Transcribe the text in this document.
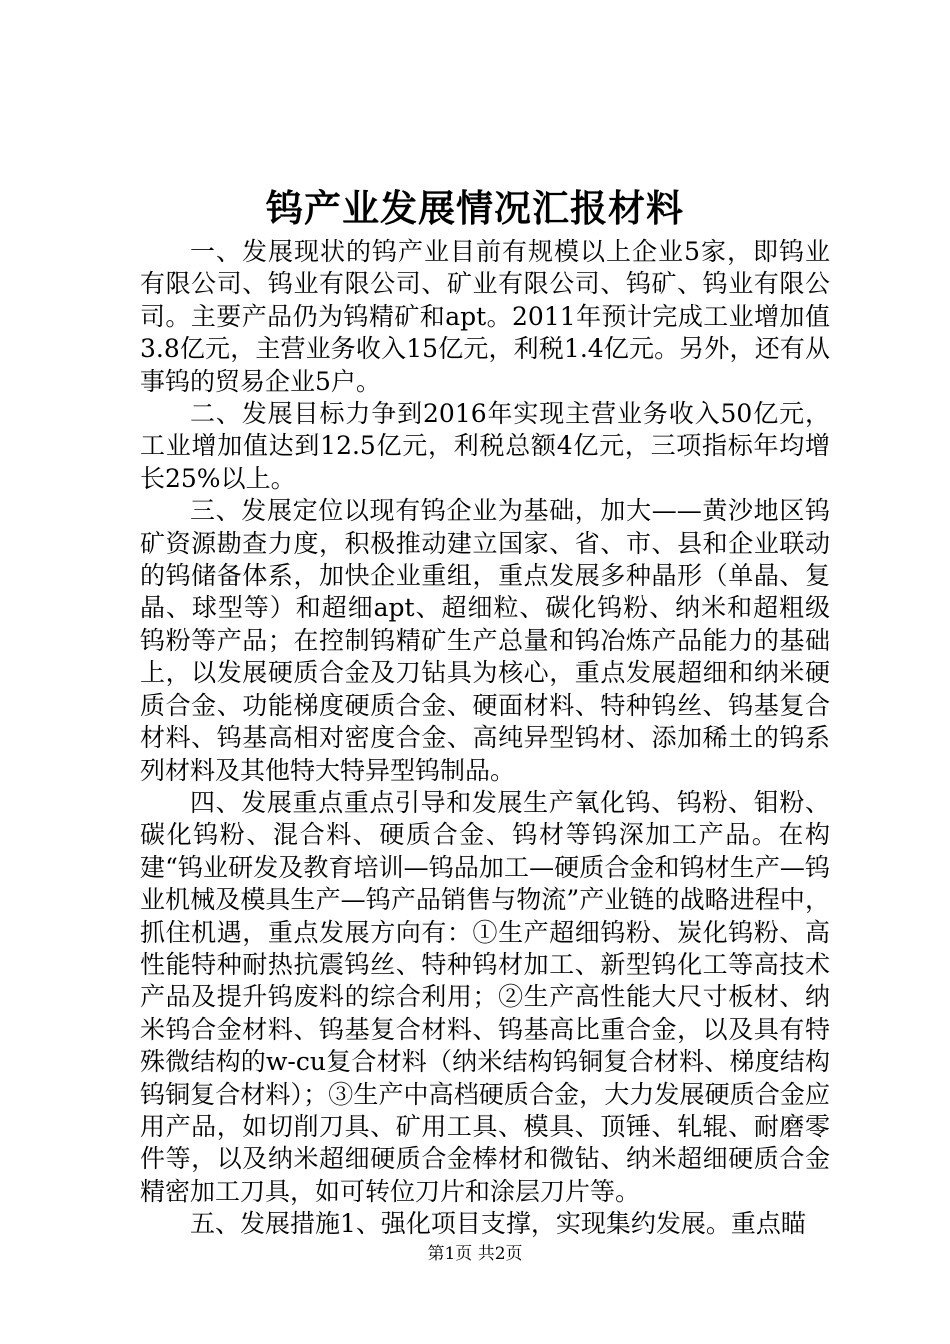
钨产业发展情况汇报材料

一、发展现状的钨产业目前有规模以上企业5家，即钨业有限公司、钨业有限公司、矿业有限公司、钨矿、钨业有限公司。主要产品仍为钨精矿和apt。2011年预计完成工业增加值3.8亿元，主营业务收入15亿元，利税1.4亿元。另外，还有从事钨的贸易企业5户。

二、发展目标力争到2016年实现主营业务收入50亿元，工业增加值达到12.5亿元，利税总额4亿元，三项指标年均增长25%以上。

三、发展定位以现有钨企业为基础，加大——黄沙地区钨矿资源勘查力度，积极推动建立国家、省、市、县和企业联动的钨储备体系，加快企业重组，重点发展多种晶形（单晶、复晶、球型等）和超细apt、超细粒、碳化钨粉、纳米和超粗级钨粉等产品；在控制钨精矿生产总量和钨冶炼产品能力的基础上，以发展硬质合金及刀钻具为核心，重点发展超细和纳米硬质合金、功能梯度硬质合金、硬面材料、特种钨丝、钨基复合材料、钨基高相对密度合金、高纯异型钨材、添加稀土的钨系列材料及其他特大特异型钨制品。

四、发展重点重点引导和发展生产氧化钨、钨粉、钼粉、碳化钨粉、混合料、硬质合金、钨材等钨深加工产品。在构建“钨业研发及教育培训—钨品加工—硬质合金和钨材生产—钨业机械及模具生产—钨产品销售与物流”产业链的战略进程中，抓住机遇，重点发展方向有：①生产超细钨粉、炭化钨粉、高性能特种耐热抗震钨丝、特种钨材加工、新型钨化工等高技术产品及提升钨废料的综合利用；②生产高性能大尺寸板材、纳米钨合金材料、钨基复合材料、钨基高比重合金，以及具有特殊微结构的w-cu复合材料（纳米结构钨铜复合材料、梯度结构钨铜复合材料）；③生产中高档硬质合金，大力发展硬质合金应用产品，如切削刀具、矿用工具、模具、顶锤、轧辊、耐磨零件等，以及纳米超细硬质合金棒材和微钻、纳米超细硬质合金精密加工刀具，如可转位刀片和涂层刀片等。

五、发展措施1、强化项目支撑，实现集约发展。重点瞄

第1页 共2页
